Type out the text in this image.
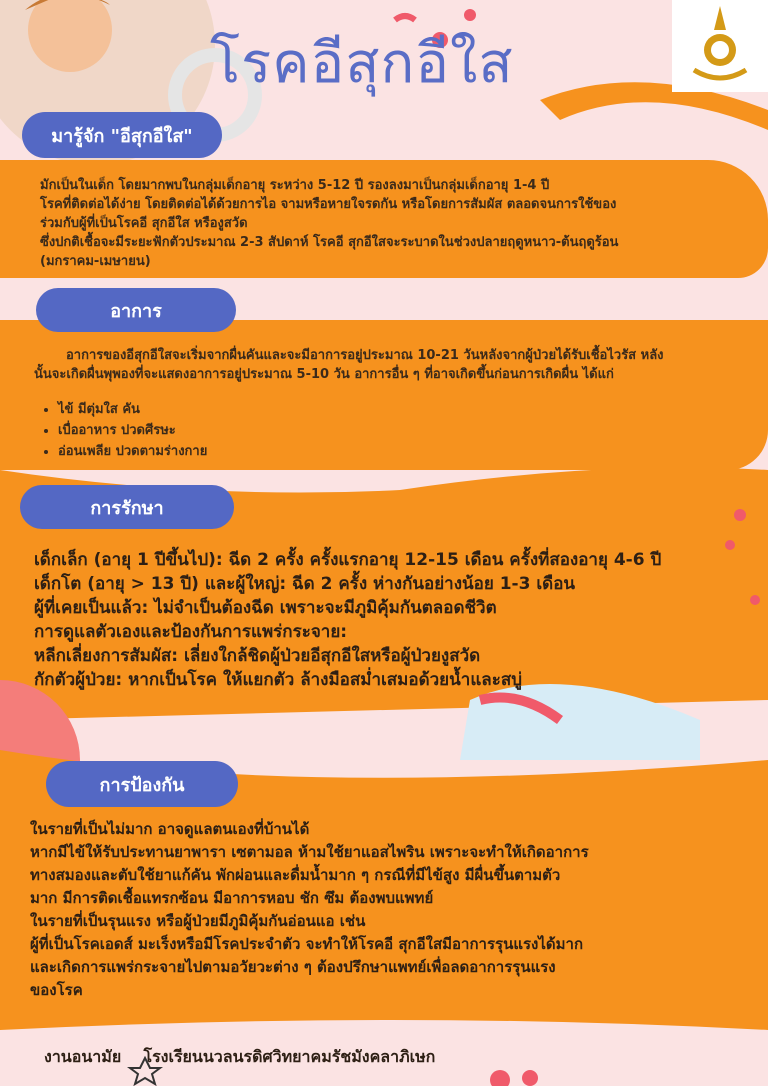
โรคอีสุกอีใส
มารู้จัก "อีสุกอีใส"
มักเป็นในเด็ก โดยมากพบในกลุ่มเด็กอายุ ระหว่าง 5-12 ปี รองลงมาเป็นกลุ่มเด็กอายุ 1-4 ปี
โรคที่ติดต่อได้ง่าย โดยติดต่อได้ด้วยการไอ จามหรือหายใจรดกัน หรือโดยการสัมผัส ตลอดจนการใช้ของ
ร่วมกับผู้ที่เป็นโรคอี สุกอีใส หรืองูสวัด
ซึ่งปกติเชื้อจะมีระยะฟักตัวประมาณ 2-3 สัปดาห์ โรคอี สุกอีใสจะระบาดในช่วงปลายฤดูหนาว-ต้นฤดูร้อน
(มกราคม-เมษายน)
อาการ
อาการของอีสุกอีใสจะเริ่มจากผื่นคันและจะมีอาการอยู่ประมาณ 10-21 วันหลังจากผู้ป่วยได้รับเชื้อไวรัส หลัง
นั้นจะเกิดผื่นพุพองที่จะแสดงอาการอยู่ประมาณ 5-10 วัน อาการอื่น ๆ ที่อาจเกิดขึ้นก่อนการเกิดผื่น ได้แก่
• ไข้ มีตุ่มใส คัน
• เบื่ออาหาร ปวดศีรษะ
• อ่อนเพลีย ปวดตามร่างกาย
การรักษา
เด็กเล็ก (อายุ 1 ปีขึ้นไป): ฉีด 2 ครั้ง ครั้งแรกอายุ 12-15 เดือน ครั้งที่สองอายุ 4-6 ปี
เด็กโต (อายุ > 13 ปี) และผู้ใหญ่: ฉีด 2 ครั้ง ห่างกันอย่างน้อย 1-3 เดือน
ผู้ที่เคยเป็นแล้ว: ไม่จำเป็นต้องฉีด เพราะจะมีภูมิคุ้มกันตลอดชีวิต
การดูแลตัวเองและป้องกันการแพร่กระจาย:
หลีกเลี่ยงการสัมผัส: เลี่ยงใกล้ชิดผู้ป่วยอีสุกอีใสหรือผู้ป่วยงูสวัด
กักตัวผู้ป่วย: หากเป็นโรค ให้แยกตัว ล้างมือสม่ำเสมอด้วยน้ำและสบู่
การป้องกัน
ในรายที่เป็นไม่มาก อาจดูแลตนเองที่บ้านได้
หากมีไข้ให้รับประทานยาพารา เซตามอล ห้ามใช้ยาแอสไพริน เพราะจะทำให้เกิดอาการ
ทางสมองและตับใช้ยาแก้คัน พักผ่อนและดื่มน้ำมาก ๆ กรณีที่มีไข้สูง มีผื่นขึ้นตามตัว
มาก มีการติดเชื้อแทรกซ้อน มีอาการหอบ ชัก ซึม ต้องพบแพทย์
ในรายที่เป็นรุนแรง หรือผู้ป่วยมีภูมิคุ้มกันอ่อนแอ เช่น
ผู้ที่เป็นโรคเอดส์ มะเร็งหรือมีโรคประจำตัว จะทำให้โรคอี สุกอีใสมีอาการรุนแรงได้มาก
และเกิดการแพร่กระจายไปตามอวัยวะต่าง ๆ ต้องปรึกษาแพทย์เพื่อลดอาการรุนแรง
ของโรค
งานอนามัย    โรงเรียนนวลนรดิศวิทยาคมรัชมังคลาภิเษก
